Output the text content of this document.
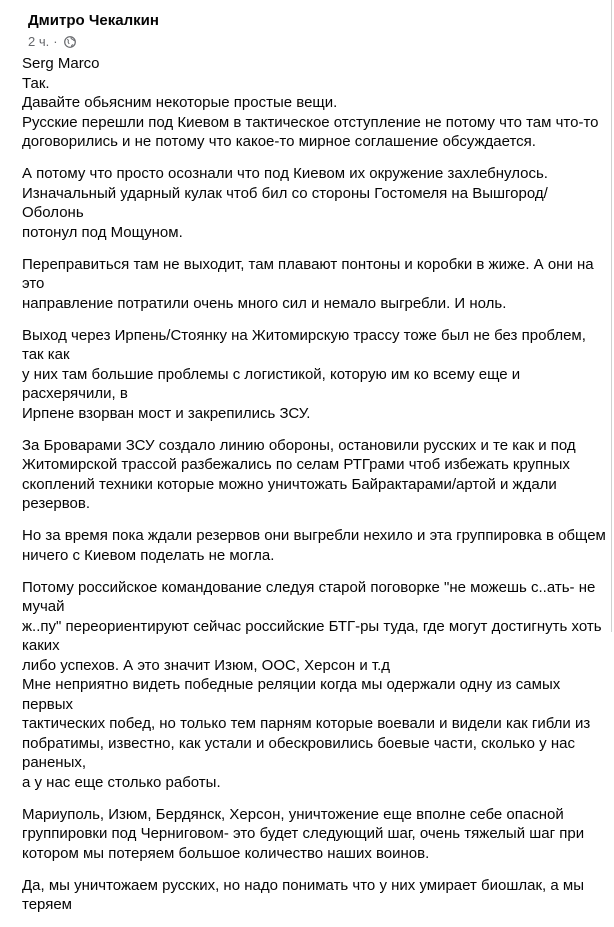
Дмитро Чекалкин
2 ч. ·

Serg Marco
Так.
Давайте обьясним некоторые простые вещи.
Русские перешли под Киевом в тактическое отступление не потому что там что-то
договорились и не потому что какое-то мирное соглашение обсуждается.

А потому что просто осознали что под Киевом их окружение захлебнулось.
Изначальный ударный кулак чтоб бил со стороны Гостомеля на Вышгород/Оболонь
потонул под Мощуном.

Переправиться там не выходит, там плавают понтоны и коробки в жиже. А они на это
направление потратили очень много сил и немало выгребли. И ноль.

Выход через Ирпень/Стоянку на Житомирскую трассу тоже был не без проблем, так как
у них там большие проблемы с логистикой, которую им ко всему еще и расхерячили, в
Ирпене взорван мост и закрепились ЗСУ.

За Броварами ЗСУ создало линию обороны, остановили русских и те как и под
Житомирской трассой разбежались по селам РТГрами чтоб избежать крупных
скоплений техники которые можно уничтожать Байрактарами/артой и ждали резервов.

Но за время пока ждали резервов они выгребли нехило и эта группировка в общем
ничего с Киевом поделать не могла.

Потому российское командование следуя старой поговорке "не можешь с..ать- не мучай
ж..пу" переориентируют сейчас российские БТГ-ры туда, где могут достигнуть хоть каких
либо успехов. А это значит Изюм, ООС, Херсон и т.д
Мне неприятно видеть победные реляции когда мы одержали одну из самых первых
тактических побед, но только тем парням которые воевали и видели как гибли из
побратимы, известно, как устали и обескровились боевые части, сколько у нас раненых,
а у нас еще столько работы.

Мариуполь, Изюм, Бердянск, Херсон, уничтожение еще вполне себе опасной
группировки под Черниговом- это будет следующий шаг, очень тяжелый шаг при
котором мы потеряем большое количество наших воинов.

Да, мы уничтожаем русских, но надо понимать что у них умирает биошлак, а мы теряем
